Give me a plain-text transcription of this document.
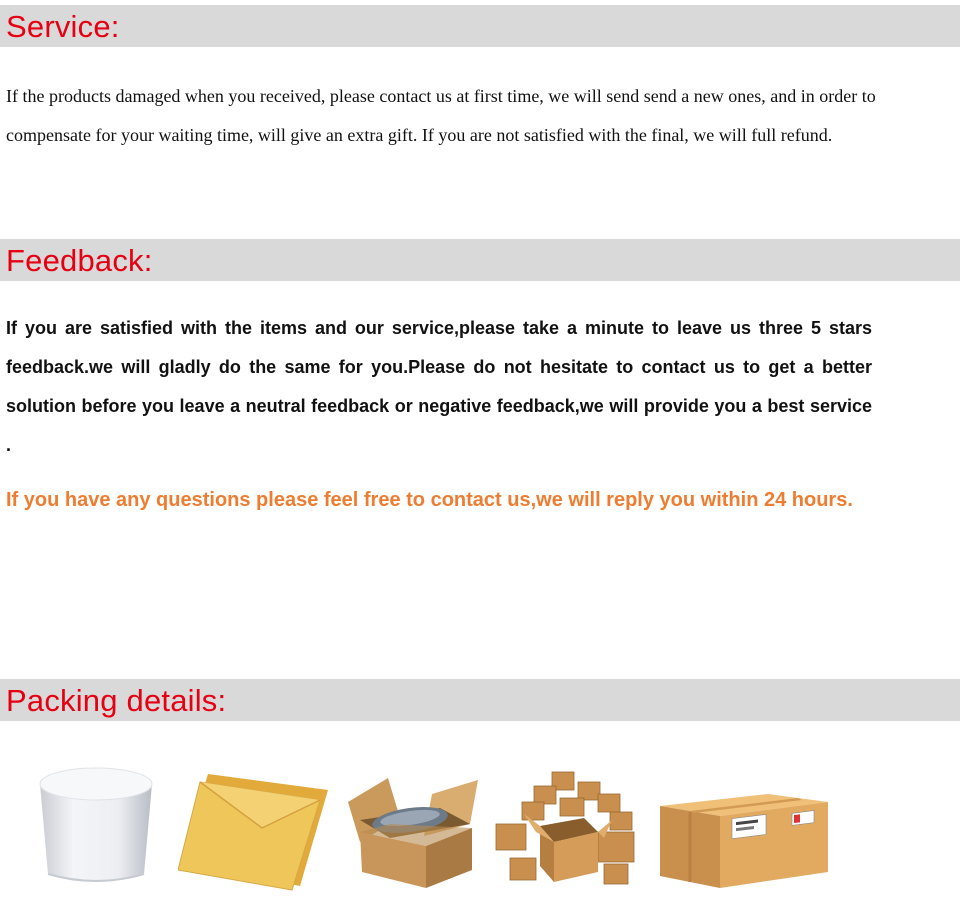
Service:

If the products damaged when you received, please contact us at first time, we will send send a new ones, and in order to compensate for your waiting time, will give an extra gift. If you are not satisfied with the final, we will full refund.

Feedback:

If you are satisfied with the items and our service,please take a minute to leave us three 5 stars feedback.we will gladly do the same for you.Please do not hesitate to contact us to get a better solution before you leave a neutral feedback or negative feedback,we will provide you a best service .

If you have any questions please feel free to contact us,we will reply you within 24 hours.

Packing details:
